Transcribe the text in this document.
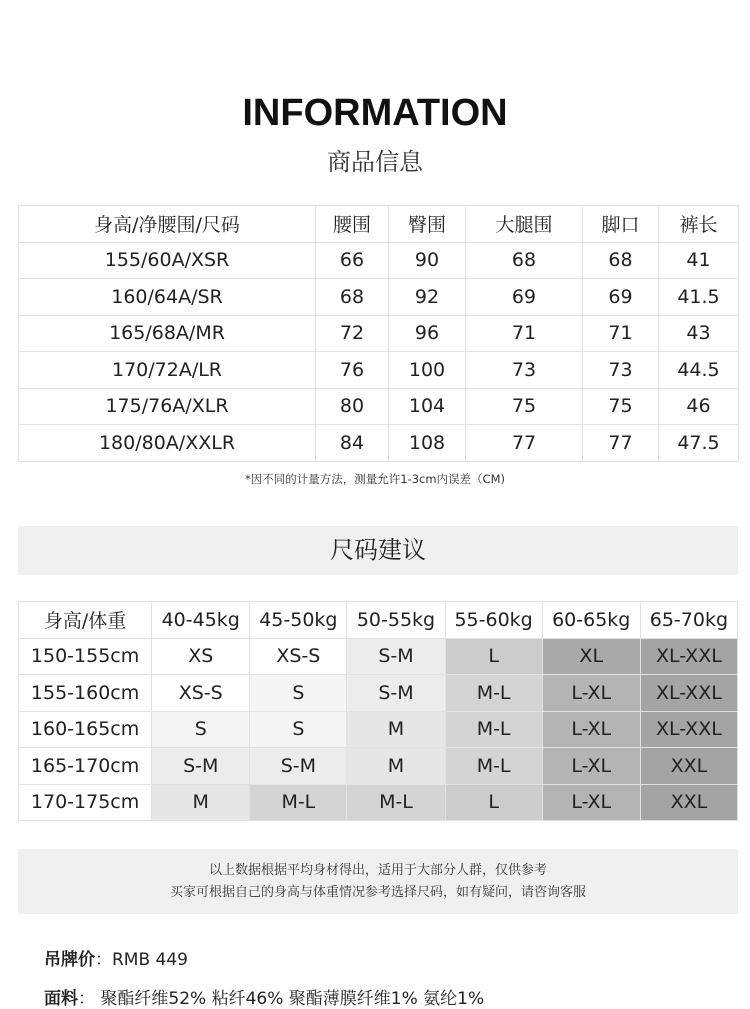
INFORMATION
商品信息
身高/净腰围/尺码	腰围	臀围	大腿围	脚口	裤长
155/60A/XSR	66	90	68	68	41
160/64A/SR	68	92	69	69	41.5
165/68A/MR	72	96	71	71	43
170/72A/LR	76	100	73	73	44.5
175/76A/XLR	80	104	75	75	46
180/80A/XXLR	84	108	77	77	47.5
*因不同的计量方法，测量允许1-3cm内误差（CM)
尺码建议
身高/体重	40-45kg	45-50kg	50-55kg	55-60kg	60-65kg	65-70kg
150-155cm	XS	XS-S	S-M	L	XL	XL-XXL
155-160cm	XS-S	S	S-M	M-L	L-XL	XL-XXL
160-165cm	S	S	M	M-L	L-XL	XL-XXL
165-170cm	S-M	S-M	M	M-L	L-XL	XXL
170-175cm	M	M-L	M-L	L	L-XL	XXL
以上数据根据平均身材得出，适用于大部分人群，仅供参考
买家可根据自己的身高与体重情况参考选择尺码，如有疑问，请咨询客服
吊牌价：RMB 449
面料： 聚酯纤维52% 粘纤46% 聚酯薄膜纤维1% 氨纶1%
